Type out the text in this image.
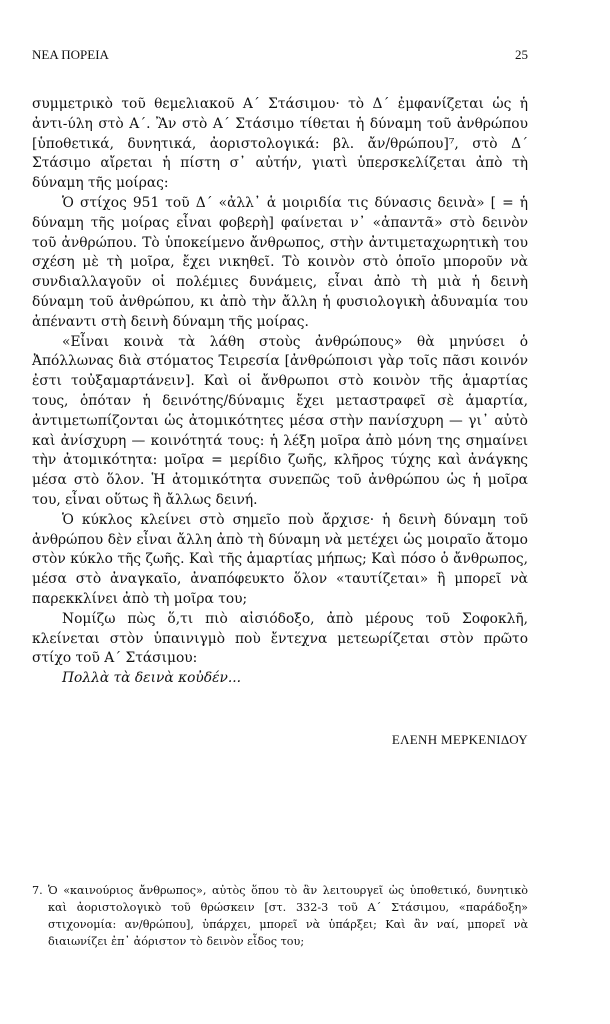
ΝΕΑ ΠΟΡΕΙΑ	25

συμμετρικὸ τοῦ θεμελιακοῦ Α΄ Στάσιμου· τὸ Δ΄ ἐμφανίζεται ὡς ἡ ἀντι-ύλη στὸ Α΄. Ἂν στὸ Α΄ Στάσιμο τίθεται ἡ δύναμη τοῦ ἀνθρώπου [ὑποθετικά, δυνητικά, ἀοριστολογικά: βλ. ἄν/θρώπου]⁷, στὸ Δ΄ Στάσιμο αἴρεται ἡ πίστη σ᾽ αὐτήν, γιατὶ ὑπερσκελίζεται ἀπὸ τὴ δύναμη τῆς μοίρας:

Ὁ στίχος 951 τοῦ Δ΄ «ἀλλ᾽ ἁ μοιριδία τις δύνασις δεινὰ» [ = ἡ δύναμη τῆς μοίρας εἶναι φοβερὴ] φαίνεται ν᾽ «ἀπαντᾶ» στὸ δεινὸν τοῦ ἀνθρώπου. Τὸ ὑποκείμενο ἄνθρωπος, στὴν ἀντιμεταχωρητικὴ του σχέση μὲ τὴ μοῖρα, ἔχει νικηθεῖ. Τὸ κοινὸν στὸ ὁποῖο μποροῦν νὰ συνδιαλλαγοῦν οἱ πολέμιες δυνάμεις, εἶναι ἀπὸ τὴ μιὰ ἡ δεινὴ δύναμη τοῦ ἀνθρώπου, κι ἀπὸ τὴν ἄλλη ἡ φυσιολογικὴ ἀδυναμία του ἀπέναντι στὴ δεινὴ δύναμη τῆς μοίρας.

«Εἶναι κοινὰ τὰ λάθη στοὺς ἀνθρώπους» θὰ μηνύσει ὁ Ἀπόλλωνας διὰ στόματος Τειρεσία [ἀνθρώποισι γὰρ τοῖς πᾶσι κοινόν ἐστι τοὐξαμαρτάνειν]. Καὶ οἱ ἄνθρωποι στὸ κοινὸν τῆς ἁμαρτίας τους, ὁπόταν ἡ δεινότης/δύναμις ἔχει μεταστραφεῖ σὲ ἁμαρτία, ἀντιμετωπίζονται ὡς ἀτομικότητες μέσα στὴν πανίσχυρη — γι᾽ αὐτὸ καὶ ἀνίσχυρη — κοινότητά τους: ἡ λέξη μοῖρα ἀπὸ μόνη της σημαίνει τὴν ἀτομικότητα: μοῖρα = μερίδιο ζωῆς, κλῆρος τύχης καὶ ἀνάγκης μέσα στὸ ὅλον. Ἡ ἀτομικότητα συνεπῶς τοῦ ἀνθρώπου ὡς ἡ μοῖρα του, εἶναι οὕτως ἢ ἄλλως δεινή.

Ὁ κύκλος κλείνει στὸ σημεῖο ποὺ ἄρχισε· ἡ δεινὴ δύναμη τοῦ ἀνθρώπου δὲν εἶναι ἄλλη ἀπὸ τὴ δύναμη νὰ μετέχει ὡς μοιραῖο ἄτομο στὸν κύκλο τῆς ζωῆς. Καὶ τῆς ἁμαρτίας μήπως; Καὶ πόσο ὁ ἄνθρωπος, μέσα στὸ ἀναγκαῖο, ἀναπόφευκτο ὅλον «ταυτίζεται» ἢ μπορεῖ νὰ παρεκκλίνει ἀπὸ τὴ μοῖρα του;

Νομίζω πὼς ὅ,τι πιὸ αἰσιόδοξο, ἀπὸ μέρους τοῦ Σοφοκλῆ, κλείνεται στὸν ὑπαινιγμὸ ποὺ ἔντεχνα μετεωρίζεται στὸν πρῶτο στίχο τοῦ Α΄ Στάσιμου:

Πολλὰ τὰ δεινὰ κοὐδέν...

ΕΛΕΝΗ ΜΕΡΚΕΝΙΔΟΥ
7. Ὁ «καινούριος ἄνθρωπος», αὐτὸς ὅπου τὸ ἂν λειτουργεῖ ὡς ὑποθετικό, δυνητικὸ καὶ ἀοριστολογικὸ τοῦ θρώσκειν [στ. 332-3 τοῦ Α΄ Στάσιμου, «παράδοξη» στιχονομία: αν/θρώπου], ὑπάρχει, μπορεῖ νὰ ὑπάρξει; Καὶ ἂν ναί, μπορεῖ νὰ διαιωνίζει ἐπ᾽ ἀόριστον τὸ δεινὸν εἶδος του;
